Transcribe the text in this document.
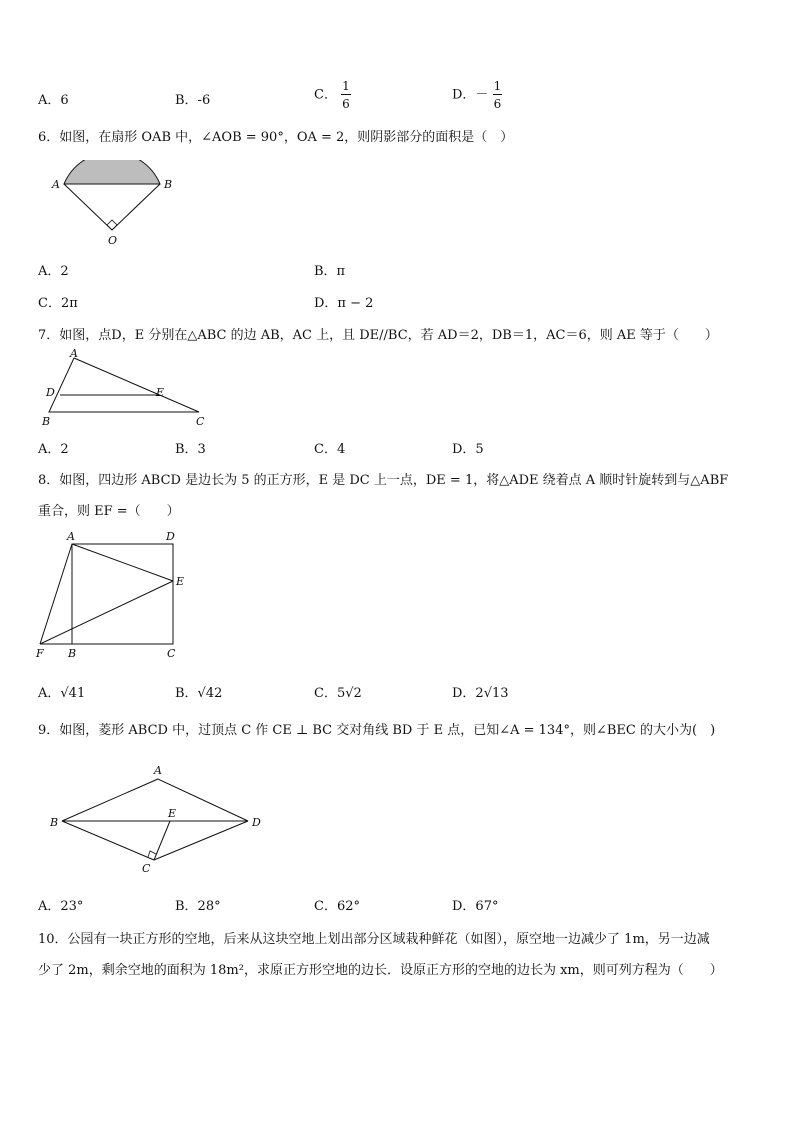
A．6	B．-6	C． $\frac{1}{6}$	D．－ $\frac{1}{6}$
6．如图，在扇形 OAB 中，∠AOB = 90°，OA = 2，则阴影部分的面积是（　）
A	B
O
A．2	B．π
C．2π	D．π − 2
7．如图，点D，E 分别在△ABC 的边 AB，AC 上，且 DE//BC，若 AD＝2，DB＝1，AC＝6，则 AE 等于（　　）
A
D	E
B	C
A．2	B．3	C．4	D．5
8．如图，四边形 ABCD 是边长为 5 的正方形，E 是 DC 上一点，DE = 1，将△ADE 绕着点 A 顺时针旋转到与△ABF
重合，则 EF =（　　）
A	D
E
F B	C
A．√41	B．√42	C．5√2	D．2√13
9．如图，菱形 ABCD 中，过顶点 C 作 CE ⊥ BC 交对角线 BD 于 E 点，已知∠A = 134°，则∠BEC 的大小为(　)
A
B	D
E
C
A．23°	B．28°	C．62°	D．67°
10．公园有一块正方形的空地，后来从这块空地上划出部分区域栽种鲜花（如图），原空地一边减少了 1m，另一边减
少了 2m，剩余空地的面积为 18m²，求原正方形空地的边长．设原正方形的空地的边长为 xm，则可列方程为（　　）
